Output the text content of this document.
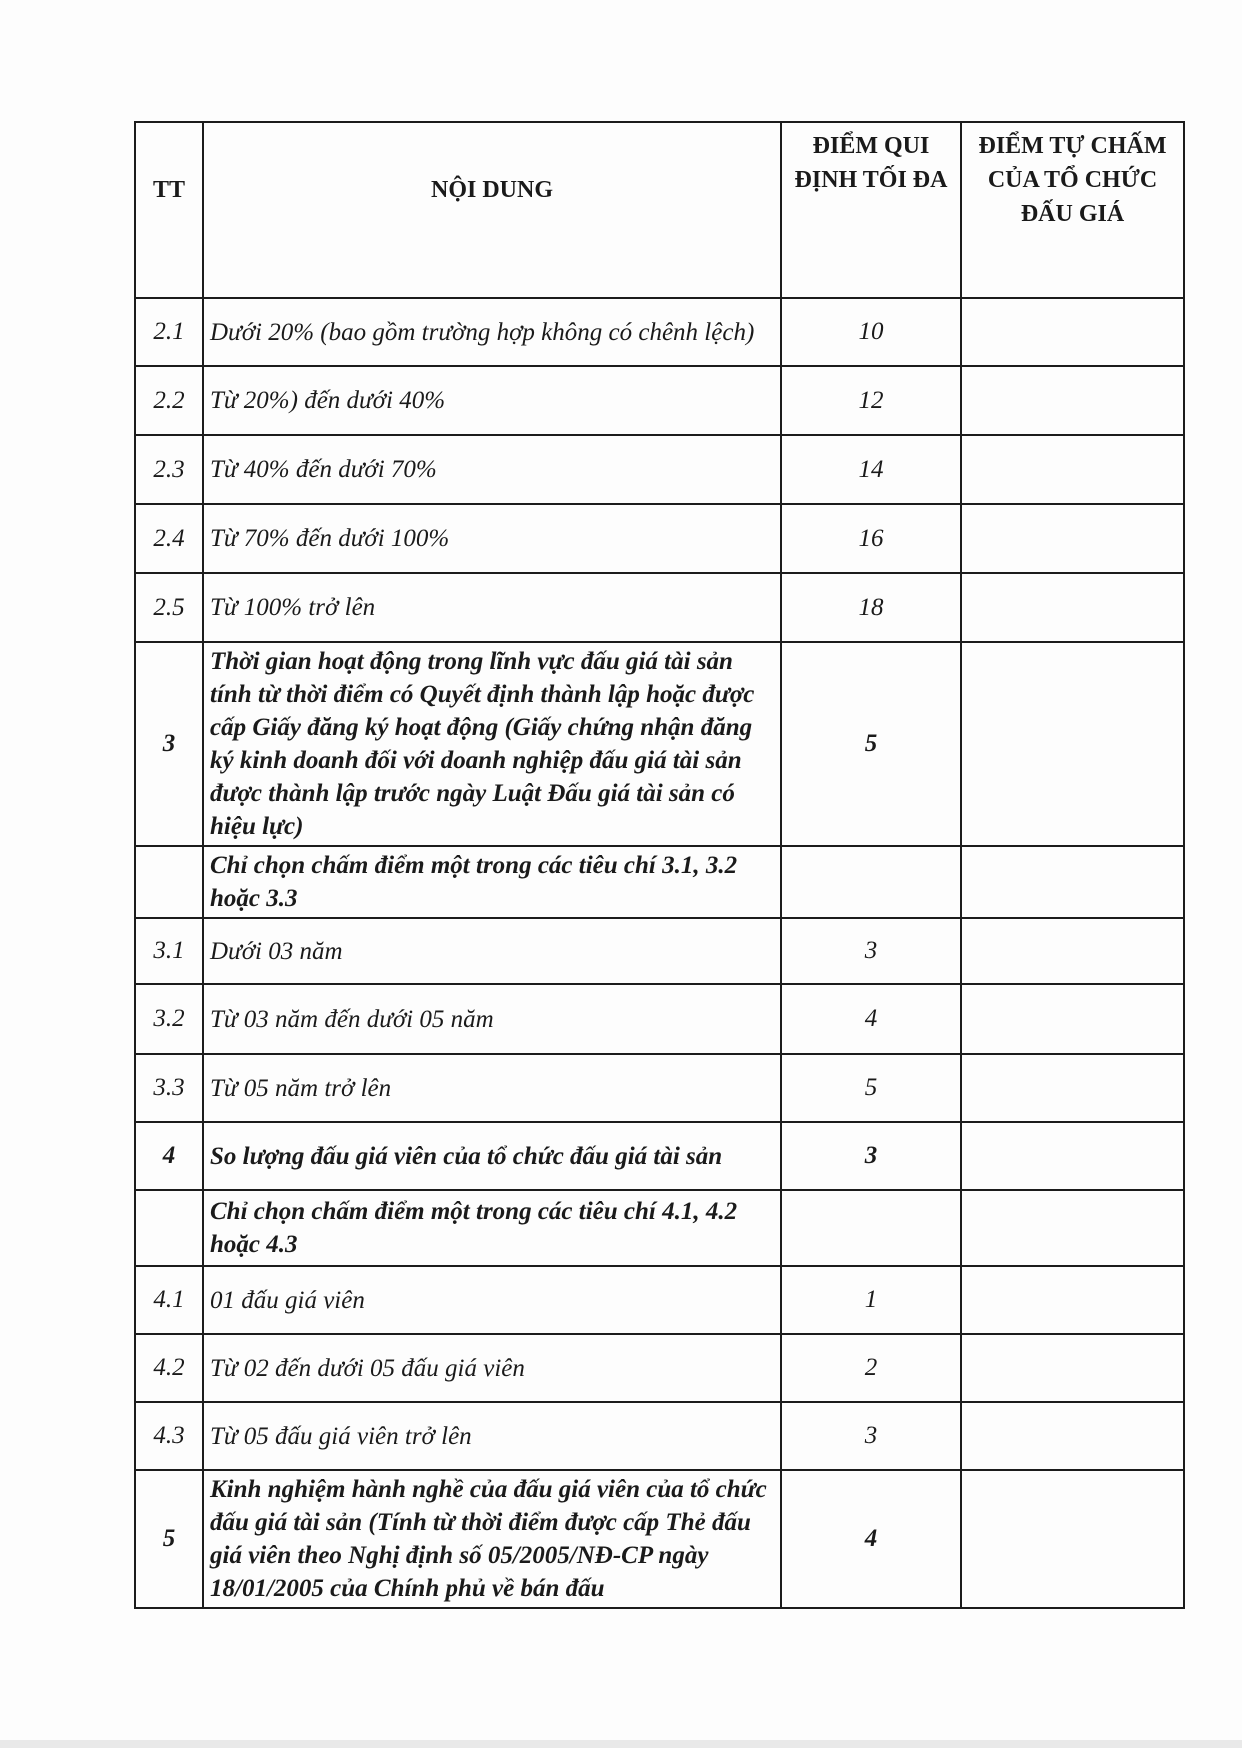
TT	NỘI DUNG	ĐIỂM QUI ĐỊNH TỐI ĐA	ĐIỂM TỰ CHẤM CỦA TỔ CHỨC ĐẤU GIÁ
2.1	Dưới 20% (bao gồm trường hợp không có chênh lệch)	10	
2.2	Từ 20%) đến dưới 40%	12	
2.3	Từ 40% đến dưới 70%	14	
2.4	Từ 70% đến dưới 100%	16	
2.5	Từ 100% trở lên	18	
3	Thời gian hoạt động trong lĩnh vực đấu giá tài sản tính từ thời điểm có Quyết định thành lập hoặc được cấp Giấy đăng ký hoạt động (Giấy chứng nhận đăng ký kinh doanh đối với doanh nghiệp đấu giá tài sản được thành lập trước ngày Luật Đấu giá tài sản có hiệu lực)	5	
	Chỉ chọn chấm điểm một trong các tiêu chí 3.1, 3.2 hoặc 3.3		
3.1	Dưới 03 năm	3	
3.2	Từ 03 năm đến dưới 05 năm	4	
3.3	Từ 05 năm trở lên	5	
4	So lượng đấu giá viên của tổ chức đấu giá tài sản	3	
	Chỉ chọn chấm điểm một trong các tiêu chí 4.1, 4.2 hoặc 4.3		
4.1	01 đấu giá viên	1	
4.2	Từ 02 đến dưới 05 đấu giá viên	2	
4.3	Từ 05 đấu giá viên trở lên	3	
5	Kinh nghiệm hành nghề của đấu giá viên của tổ chức đấu giá tài sản (Tính từ thời điểm được cấp Thẻ đấu giá viên theo Nghị định số 05/2005/NĐ-CP ngày 18/01/2005 của Chính phủ về bán đấu	4	
